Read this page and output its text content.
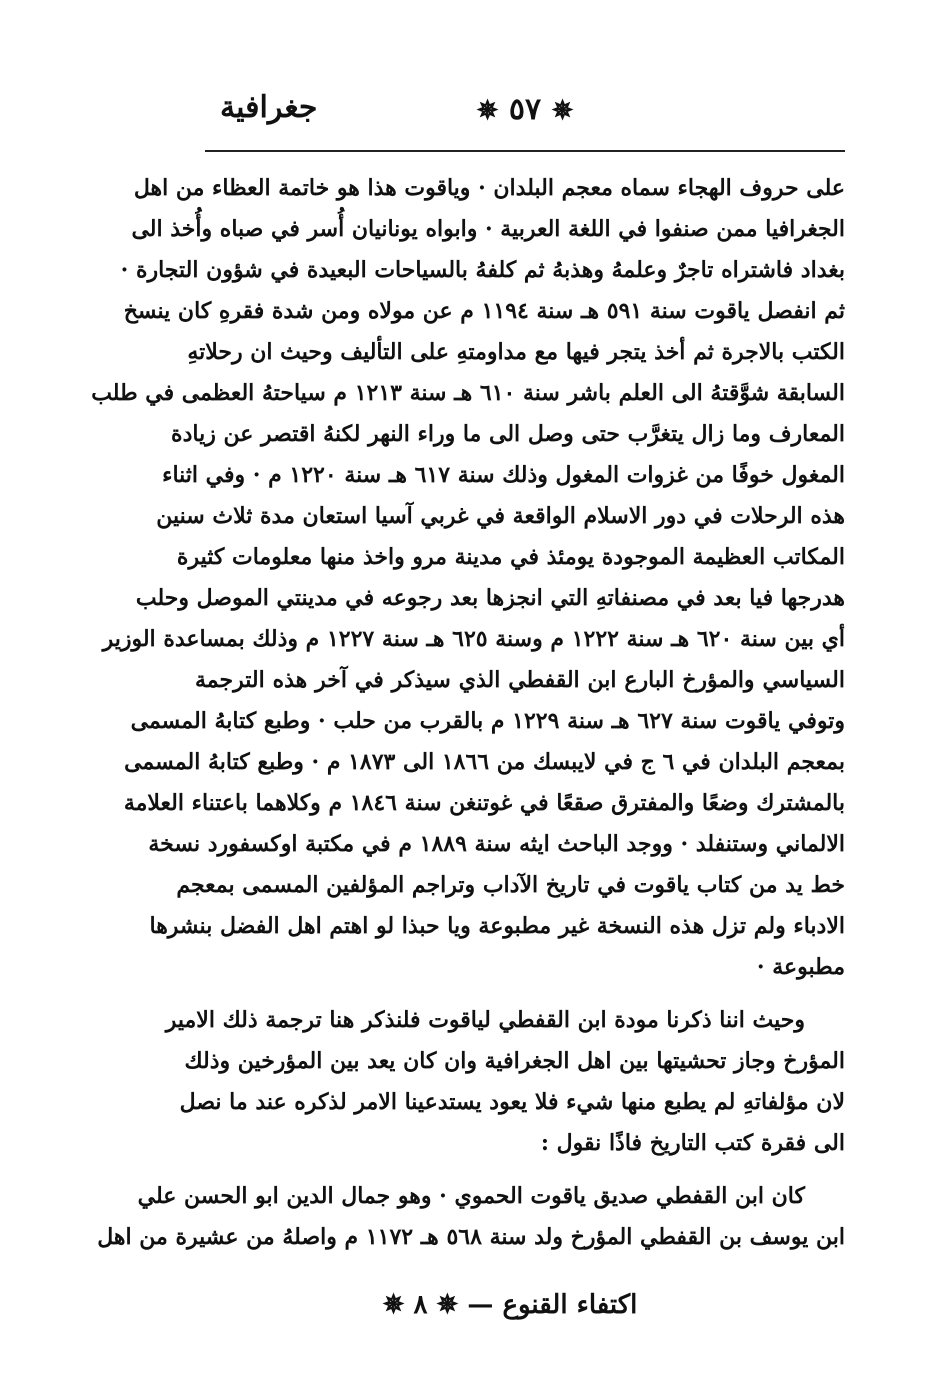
جغرافية	✵ ٥٧ ✵
على حروف الهجاء سماه معجم البلدان · وياقوت هذا هو خاتمة العظاء من اهل
الجغرافيا ممن صنفوا في اللغة العربية · وابواه يونانيان أُسر في صباه وأُخذ الى
بغداد فاشتراه تاجرٌ وعلمهُ وهذبهُ ثم كلفهُ بالسياحات البعيدة في شؤون التجارة ·
ثم انفصل ياقوت سنة ٥٩١ هـ سنة ١١٩٤ م عن مولاه ومن شدة فقرهِ كان ينسخ
الكتب بالاجرة ثم أخذ يتجر فيها مع مداومتهِ على التأليف وحيث ان رحلاتهِ
السابقة شوَّقتهُ الى العلم باشر سنة ٦١٠ هـ سنة ١٢١٣ م سياحتهُ العظمى في طلب
المعارف وما زال يتغرَّب حتى وصل الى ما وراء النهر لكنهُ اقتصر عن زيادة
المغول خوفًا من غزوات المغول وذلك سنة ٦١٧ هـ سنة ١٢٢٠ م · وفي اثناء
هذه الرحلات في دور الاسلام الواقعة في غربي آسيا استعان مدة ثلاث سنين
المكاتب العظيمة الموجودة يومئذ في مدينة مرو واخذ منها معلومات كثيرة
هدرجها فيا بعد في مصنفاتهِ التي انجزها بعد رجوعه في مدينتي الموصل وحلب
أي بين سنة ٦٢٠ هـ سنة ١٢٢٢ م وسنة ٦٢٥ هـ سنة ١٢٢٧ م وذلك بمساعدة الوزير
السياسي والمؤرخ البارع ابن القفطي الذي سيذكر في آخر هذه الترجمة
وتوفي ياقوت سنة ٦٢٧ هـ سنة ١٢٢٩ م بالقرب من حلب · وطبع كتابهُ المسمى
بمعجم البلدان في ٦ ج في لايبسك من ١٨٦٦ الى ١٨٧٣ م · وطبع كتابهُ المسمى
بالمشترك وضعًا والمفترق صقعًا في غوتنغن سنة ١٨٤٦ م وكلاهما باعتناء العلامة
الالماني وستنفلد · ووجد الباحث ايثه سنة ١٨٨٩ م في مكتبة اوكسفورد نسخة
خط يد من كتاب ياقوت في تاريخ الآداب وتراجم المؤلفين المسمى بمعجم
الادباء ولم تزل هذه النسخة غير مطبوعة ويا حبذا لو اهتم اهل الفضل بنشرها
مطبوعة ·
وحيث اننا ذكرنا مودة ابن القفطي لياقوت فلنذكر هنا ترجمة ذلك الامير
المؤرخ وجاز تحشيتها بين اهل الجغرافية وان كان يعد بين المؤرخين وذلك
لان مؤلفاتهِ لم يطبع منها شيء فلا يعود يستدعينا الامر لذكره عند ما نصل
الى فقرة كتب التاريخ فاذًا نقول :
كان ابن القفطي صديق ياقوت الحموي · وهو جمال الدين ابو الحسن علي
ابن يوسف بن القفطي المؤرخ ولد سنة ٥٦٨ هـ ١١٧٢ م واصلهُ من عشيرة من اهل
اكتفاء القنوع — ✵ ٨ ✵
